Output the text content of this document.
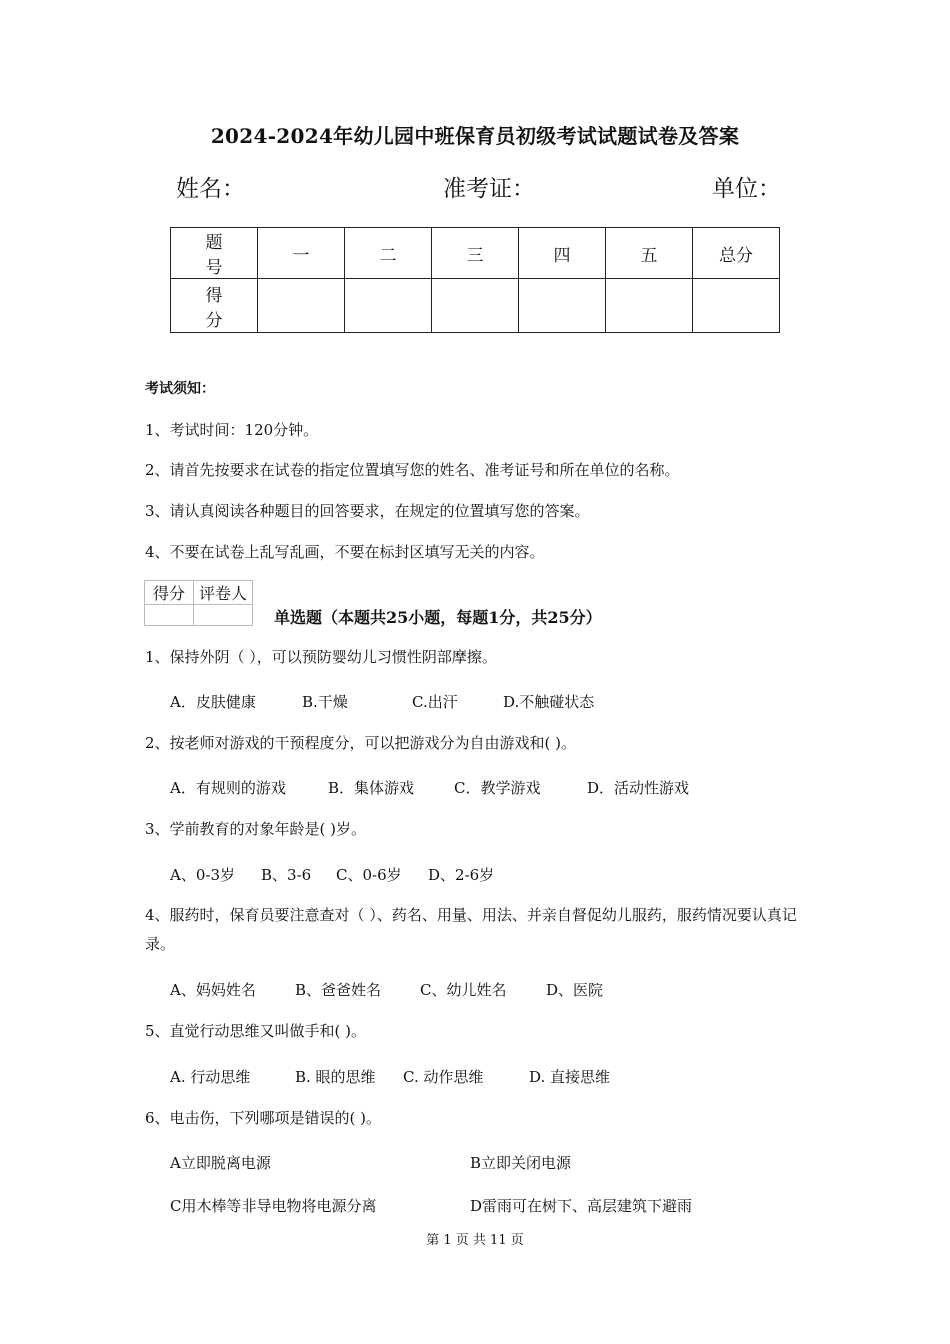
2024-2024年幼儿园中班保育员初级考试试题试卷及答案
姓名：	准考证：	单位：
题 号	一	二	三	四	五	总分
得 分						
考试须知：
1、考试时间：120分钟。
2、请首先按要求在试卷的指定位置填写您的姓名、准考证号和所在单位的名称。
3、请认真阅读各种题目的回答要求，在规定的位置填写您的答案。
4、不要在试卷上乱写乱画，不要在标封区填写无关的内容。
得分	评卷人

单选题（本题共25小题，每题1分，共25分）
1、保持外阴（ ），可以预防婴幼儿习惯性阴部摩擦。
A．皮肤健康	B.干燥	C.出汗	D.不触碰状态
2、按老师对游戏的干预程度分，可以把游戏分为自由游戏和( )。
A．有规则的游戏	B．集体游戏	C．教学游戏	D．活动性游戏
3、学前教育的对象年龄是( )岁。
A、0-3岁 B、3-6 C、0-6岁 D、2-6岁
4、服药时，保育员要注意查对（ ）、药名、用量、用法、并亲自督促幼儿服药，服药情况要认真记录。
A、妈妈姓名	B、爸爸姓名	C、幼儿姓名	D、医院
5、直觉行动思维又叫做手和( )。
A. 行动思维	B. 眼的思维 C. 动作思维	D. 直接思维
6、电击伤，下列哪项是错误的( )。
A立即脱离电源	B立即关闭电源
C用木棒等非导电物将电源分离	D雷雨可在树下、高层建筑下避雨
第 1 页 共 11 页
